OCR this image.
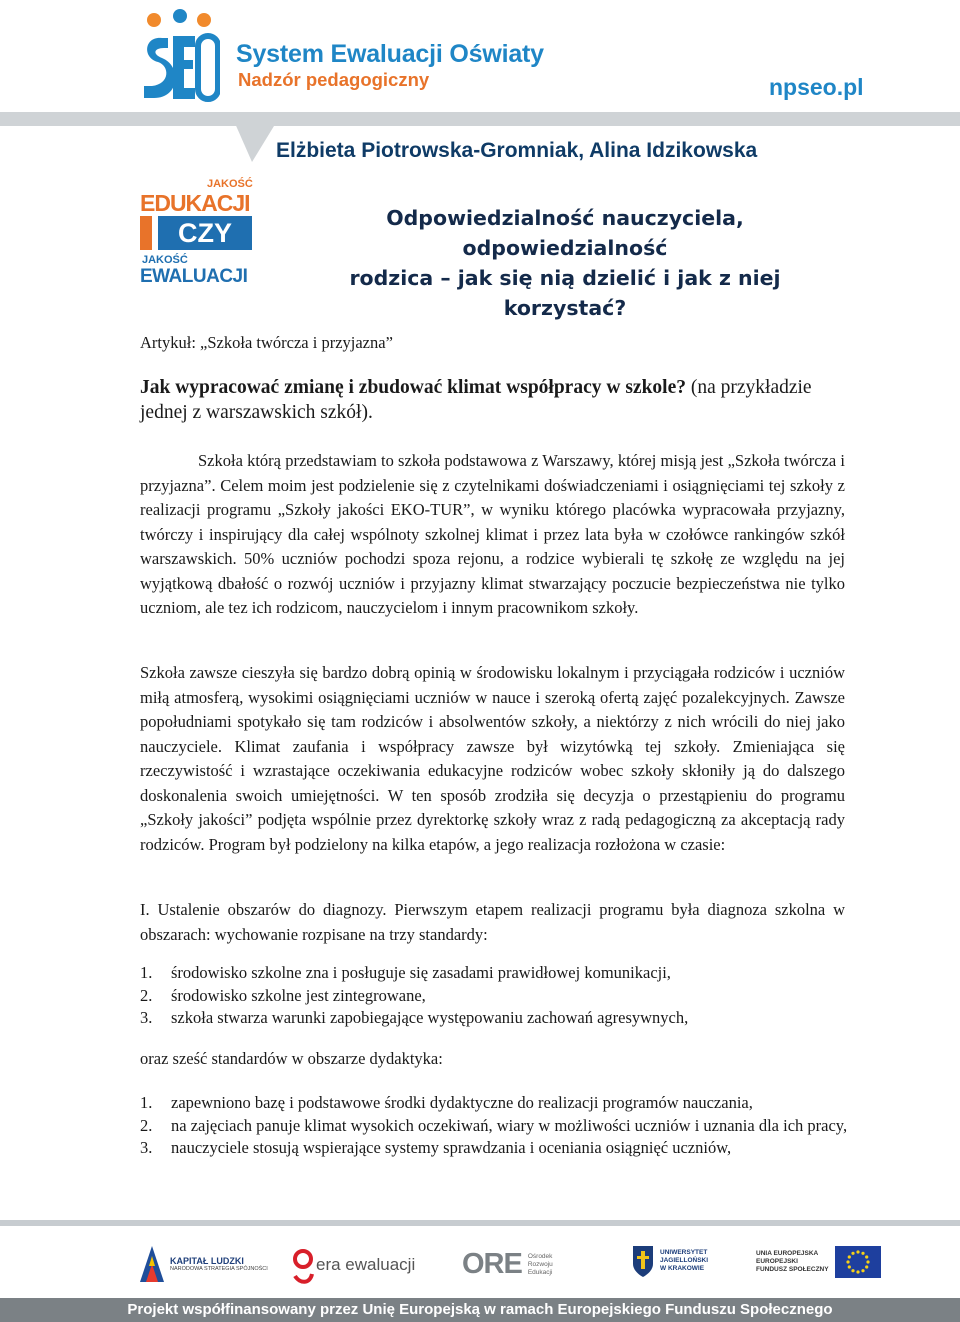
System Ewaluacji Oświaty
Nadzór pedagogiczny	npseo.pl
Elżbieta Piotrowska-Gromniak, Alina Idzikowska
JAKOŚĆ
EDUKACJI
CZY
JAKOŚĆ
EWALUACJI
Odpowiedzialność nauczyciela, odpowiedzialność
rodzica – jak się nią dzielić i jak z niej korzystać?
Artykuł: „Szkoła twórcza i przyjazna”
Jak wypracować zmianę i zbudować klimat współpracy w szkole? (na przykładzie jednej z warszawskich szkół).
Szkoła którą przedstawiam to szkoła podstawowa z Warszawy, której misją jest „Szkoła twórcza i przyjazna”. Celem moim jest podzielenie się z czytelnikami doświadczeniami i osiągnięciami tej szkoły z realizacji programu „Szkoły jakości EKO-TUR”, w wyniku którego placówka wypracowała przyjazny, twórczy i inspirujący dla całej wspólnoty szkolnej klimat i przez lata była w czołówce rankingów szkół warszawskich. 50% uczniów pochodzi spoza rejonu, a rodzice wybierali tę szkołę ze względu na jej wyjątkową dbałość o rozwój uczniów i przyjazny klimat stwarzający poczucie bezpieczeństwa nie tylko uczniom, ale tez ich rodzicom, nauczycielom i innym pracownikom szkoły.
Szkoła zawsze cieszyła się bardzo dobrą opinią w środowisku lokalnym i przyciągała rodziców i uczniów miłą atmosferą, wysokimi osiągnięciami uczniów w nauce i szeroką ofertą zajęć pozalekcyjnych. Zawsze popołudniami spotykało się tam rodziców i absolwentów szkoły, a niektórzy z nich wrócili do niej jako nauczyciele. Klimat zaufania i współpracy zawsze był wizytówką tej szkoły. Zmieniająca się rzeczywistość i wzrastające oczekiwania edukacyjne rodziców wobec szkoły skłoniły ją do dalszego doskonalenia swoich umiejętności. W ten sposób zrodziła się decyzja o przestąpieniu do programu „Szkoły jakości” podjęta wspólnie przez dyrektorkę szkoły wraz z radą pedagogiczną za akceptacją rady rodziców. Program był podzielony na kilka etapów, a jego realizacja rozłożona w czasie:
I. Ustalenie obszarów do diagnozy. Pierwszym etapem realizacji programu była diagnoza szkolna w obszarach: wychowanie rozpisane na trzy standardy:
1.	środowisko szkolne zna i posługuje się zasadami prawidłowej komunikacji,
2.	środowisko szkolne jest zintegrowane,
3.	szkoła stwarza warunki zapobiegające występowaniu zachowań agresywnych,
oraz sześć standardów w obszarze dydaktyka:
1.	zapewniono bazę i podstawowe środki dydaktyczne do realizacji programów nauczania,
2.	na zajęciach panuje klimat wysokich oczekiwań, wiary w możliwości uczniów i uznania dla ich pracy,
3.	nauczyciele stosują wspierające systemy sprawdzania i oceniania osiągnięć uczniów,
KAPITAŁ LUDZKI
NARODOWA STRATEGIA SPÓJNOŚCI	era ewaluacji ORE Ośrodek
Rozwoju
Edukacji
UNIWERSYTET
JAGIELLOŃSKI
W KRAKOWIE
UNIA EUROPEJSKA
EUROPEJSKI
FUNDUSZ SPOŁECZNY
Projekt współfinansowany przez Unię Europejską w ramach Europejskiego Funduszu Społecznego
